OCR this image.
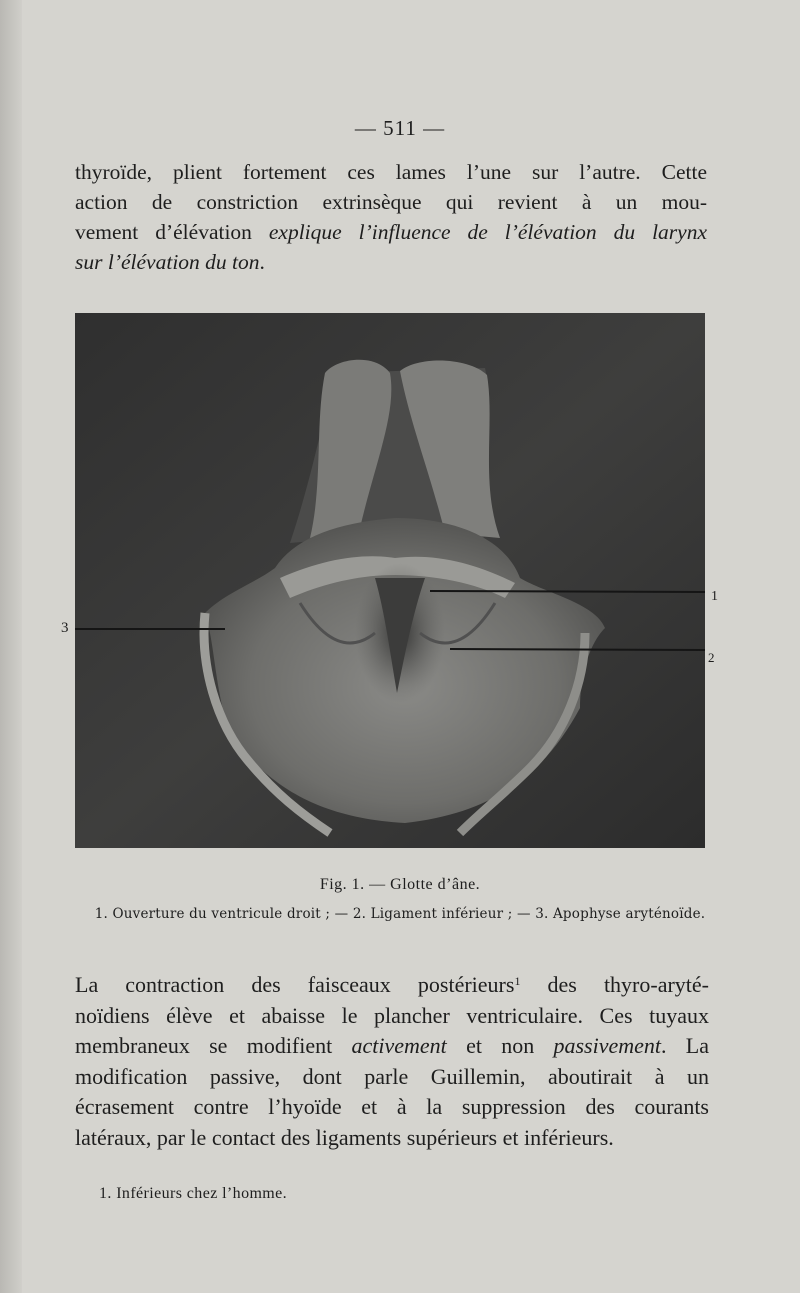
— 511 —
thyroïde, plient fortement ces lames l’une sur l’autre. Cette
action de constriction extrinsèque qui revient à un mou-
vement d’élévation explique l’influence de l’élévation du larynx
sur l’élévation du ton.
1
2
3
Fig. 1. — Glotte d’âne.
1. Ouverture du ventricule droit ; — 2. Ligament inférieur ; — 3. Apophyse aryténoïde.
La contraction des faisceaux postérieurs$^1$ des thyro-aryté-
noïdiens élève et abaisse le plancher ventriculaire. Ces tuyaux
membraneux se modifient activement et non passivement. La
modification passive, dont parle Guillemin, aboutirait à un
écrasement contre l’hyoïde et à la suppression des courants
latéraux, par le contact des ligaments supérieurs et inférieurs.
1. Inférieurs chez l’homme.
